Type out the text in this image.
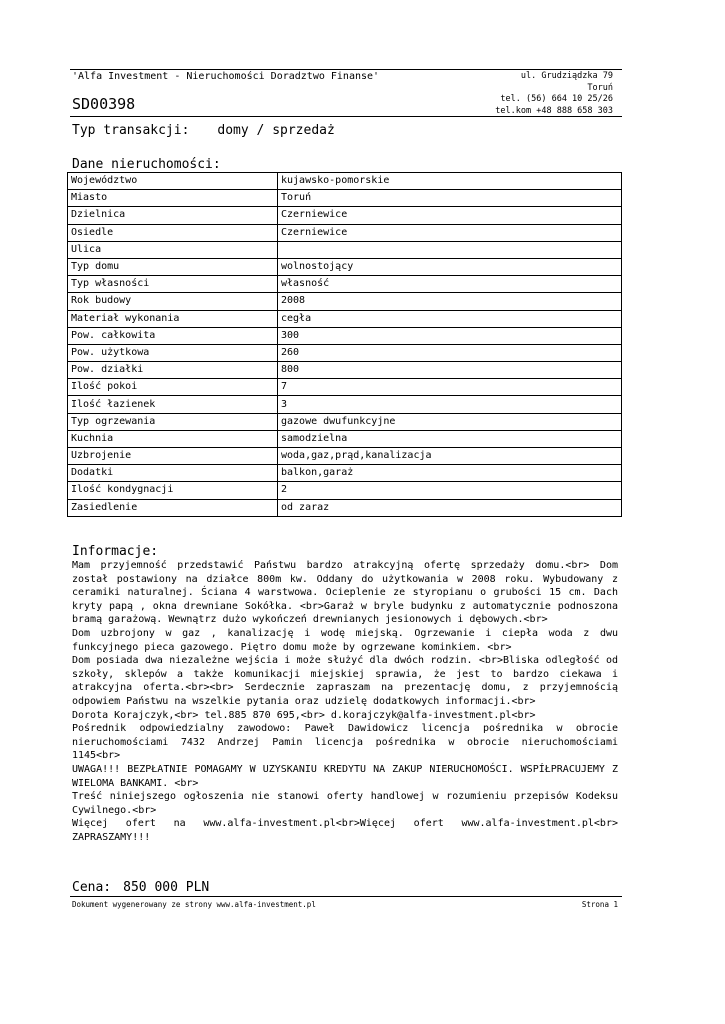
'Alfa Investment - Nieruchomości Doradztwo Finanse'	ul. Grudziądzka 79
Toruń
tel. (56) 664 10 25/26
tel.kom +48 888 658 303
SD00398
Typ transakcji: domy / sprzedaż
Dane nieruchomości:
Województwo	kujawsko-pomorskie
Miasto	Toruń
Dzielnica	Czerniewice
Osiedle	Czerniewice
Ulica	
Typ domu	wolnostojący
Typ własności	własność
Rok budowy	2008
Materiał wykonania	cegła
Pow. całkowita	300
Pow. użytkowa	260
Pow. działki	800
Ilość pokoi	7
Ilość łazienek	3
Typ ogrzewania	gazowe dwufunkcyjne
Kuchnia	samodzielna
Uzbrojenie	woda,gaz,prąd,kanalizacja
Dodatki	balkon,garaż
Ilość kondygnacji	2
Zasiedlenie	od zaraz
Informacje:

Mam przyjemność przedstawić Państwu bardzo atrakcyjną ofertę sprzedaży domu.<br> Dom został postawiony na działce 800m kw. Oddany do użytkowania w 2008 roku. Wybudowany z ceramiki naturalnej. Ściana 4 warstwowa. Ocieplenie ze styropianu o grubości 15 cm. Dach kryty papą , okna drewniane Sokółka. <br>Garaż w bryle budynku z automatycznie podnoszona bramą garażową. Wewnątrz dużo wykończeń drewnianych jesionowych i dębowych.<br>

Dom uzbrojony w gaz , kanalizację i wodę miejską. Ogrzewanie i ciepła woda z dwu funkcyjnego pieca gazowego. Piętro domu może by ogrzewane kominkiem. <br>

Dom posiada dwa niezależne wejścia i może służyć dla dwóch rodzin. <br>Bliska odległość od szkoły, sklepów a także komunikacji miejskiej sprawia, że jest to bardzo ciekawa i atrakcyjna oferta.<br><br> Serdecznie zapraszam na prezentację domu, z przyjemnością odpowiem Państwu na wszelkie pytania oraz udzielę dodatkowych informacji.<br>

Dorota Korajczyk,<br> tel.885 870 695,<br> d.korajczyk@alfa-investment.pl<br>

Pośrednik odpowiedzialny zawodowo: Paweł Dawidowicz licencja pośrednika w obrocie nieruchomościami 7432 Andrzej Pamin licencja pośrednika w obrocie nieruchomościami 1145<br>

UWAGA!!! BEZPŁATNIE POMAGAMY W UZYSKANIU KREDYTU NA ZAKUP NIERUCHOMOŚCI. WSPÍŁPRACUJEMY Z WIELOMA BANKAMI. <br>

Treść niniejszego ogłoszenia nie stanowi oferty handlowej w rozumieniu przepisów Kodeksu Cywilnego.<br>

Więcej ofert na www.alfa-investment.pl<br>Więcej ofert www.alfa-investment.pl<br> ZAPRASZAMY!!!

Cena: 850 000 PLN
Dokument wygenerowany ze strony www.alfa-investment.pl	Strona 1
